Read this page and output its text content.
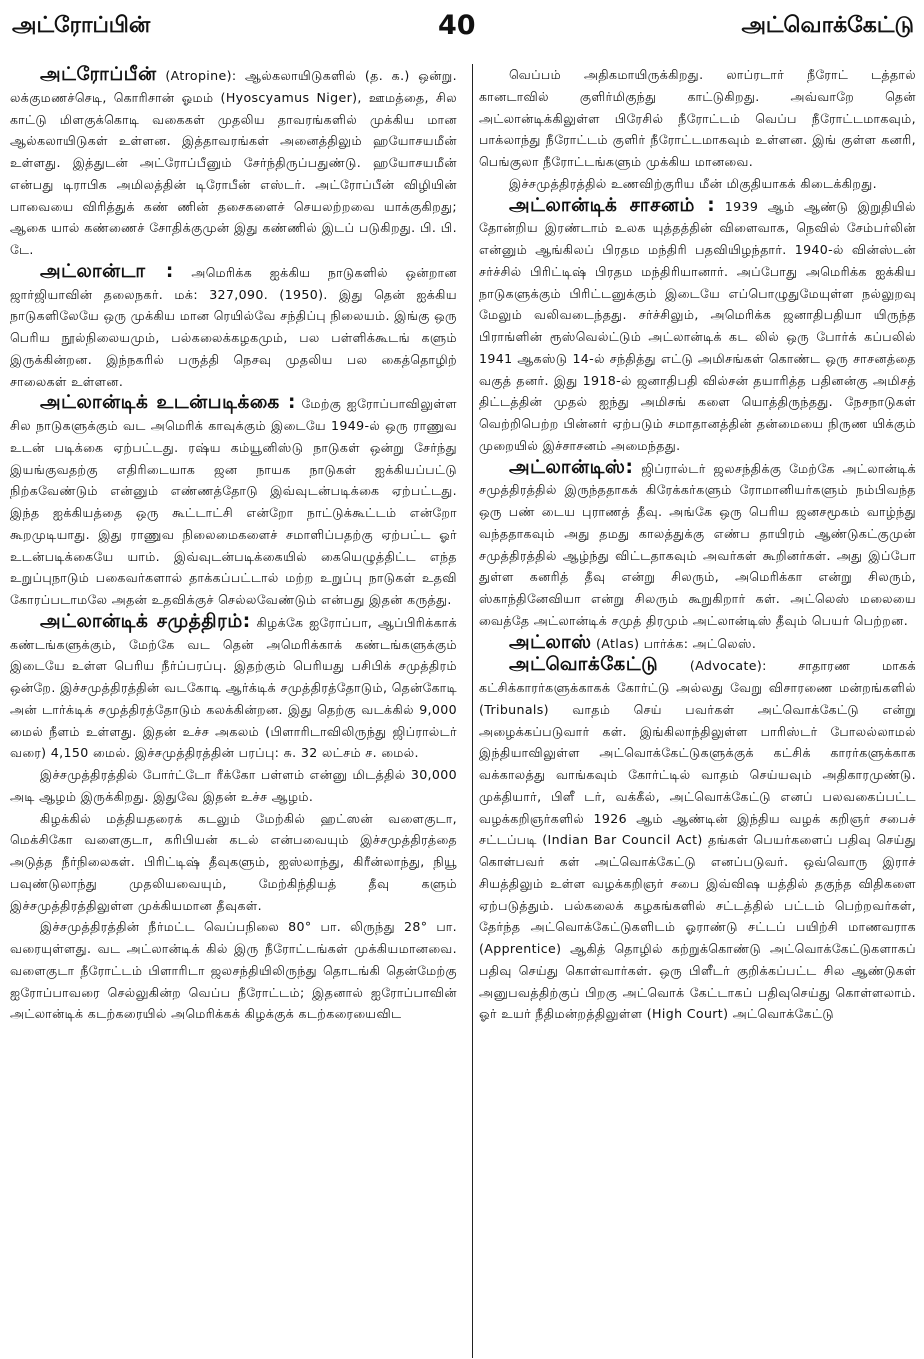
அட்ரோப்பின்	40	அட்வொக்கேட்டு

அட்ரோப்பீன் (Atropine): ஆல்கலாயிடுகளில் (த. க.) ஒன்று. லக்குமணச்செடி, கொரிசான் ஓமம் (Hyoscyamus Niger), ஊமத்தை, சில காட்டு மிளகுக்கொடி வகைகள் முதலிய தாவரங்களில் முக்கிய மான ஆல்கலாயிடுகள் உள்ளன. இத்தாவரங்கள் அனைத்திலும் ஹயோசயமீன் உள்ளது. இத்துடன் அட்ரோப்பீனும் சேர்ந்திருப்பதுண்டு. ஹயோசயமீன் என்பது டிராபிக அமிலத்தின் டிரோபீன் எஸ்டர். அட்ரோப்பீன் விழியின் பாவையை விரித்துக் கண் ணின் தசைகளைச் செயலற்றவை யாக்குகிறது; ஆகை யால் கண்ணைச் சோதிக்குமுன் இது கண்ணில் இடப் படுகிறது. பி. பி. டே.

அட்லான்டா : அமெரிக்க ஐக்கிய நாடுகளில் ஒன்றான ஜார்ஜியாவின் தலைநகர். மக்: 327,090. (1950). இது தென் ஐக்கிய நாடுகளிலேயே ஒரு முக்கிய மான ரெயில்வே சந்திப்பு நிலையம். இங்கு ஒரு பெரிய நூல்நிலையமும், பல்கலைக்கழகமும், பல பள்ளிக்கூடங் களும் இருக்கின்றன. இந்நகரில் பருத்தி நெசவு முதலிய பல கைத்தொழிற் சாலைகள் உள்ளன.

அட்லான்டிக் உடன்படிக்கை : மேற்கு ஐரோப்பாவிலுள்ள சில நாடுகளுக்கும் வட அமெரிக் காவுக்கும் இடையே 1949-ல் ஒரு ராணுவ உடன் படிக்கை ஏற்பட்டது. ரஷ்ய கம்யூனிஸ்டு நாடுகள் ஒன்று சேர்ந்து இயங்குவதற்கு எதிரிடையாக ஜன நாயக நாடுகள் ஐக்கியப்பட்டு நிற்கவேண்டும் என்னும் எண்ணத்தோடு இவ்வுடன்படிக்கை ஏற்பட்டது. இந்த ஐக்கியத்தை ஒரு கூட்டாட்சி என்றோ நாட்டுக்கூட்டம் என்றோ கூறமுடியாது. இது ராணுவ நிலைமைகளைச் சமாளிப்பதற்கு ஏற்பட்ட ஓர் உடன்படிக்கையே யாம். இவ்வுடன்படிக்கையில் கையெழுத்திட்ட எந்த உறுப்புநாடும் பகைவர்களால் தாக்கப்பட்டால் மற்ற உறுப்பு நாடுகள் உதவி கோரப்படாமலே அதன் உதவிக்குச் செல்லவேண்டும் என்பது இதன் கருத்து.

அட்லான்டிக் சமுத்திரம்: கிழக்கே ஐரோப்பா, ஆப்பிரிக்காக் கண்டங்களுக்கும், மேற்கே வட தென் அமெரிக்காக் கண்டங்களுக்கும் இடையே உள்ள பெரிய நீர்ப்பரப்பு. இதற்கும் பெரியது பசிபிக் சமுத்திரம் ஒன்றே. இச்சமுத்திரத்தின் வடகோடி ஆர்க்டிக் சமுத்திரத்தோடும், தென்கோடி அன் டார்க்டிக் சமுத்திரத்தோடும் கலக்கின்றன. இது தெற்கு வடக்கில் 9,000 மைல் நீளம் உள்ளது. இதன் உச்ச அகலம் (பிளாரிடாவிலிருந்து ஜிப்ரால்டர் வரை) 4,150 மைல். இச்சமுத்திரத்தின் பரப்பு: சு. 32 லட்சம் ச. மைல்.

இச்சமுத்திரத்தில் போர்ட்டோ ரீக்கோ பள்ளம் என்னு மிடத்தில் 30,000 அடி ஆழம் இருக்கிறது. இதுவே இதன் உச்ச ஆழம்.

கிழக்கில் மத்தியதரைக் கடலும் மேற்கில் ஹட்ஸன் வளைகுடா, மெக்சிகோ வளைகுடா, கரிபியன் கடல் என்பவையும் இச்சமுத்திரத்தை அடுத்த நீர்நிலைகள். பிரிட்டிஷ் தீவுகளும், ஐஸ்லாந்து, கிரீன்லாந்து, நியூ பவுண்டுலாந்து முதலியவையும், மேற்கிந்தியத் தீவு களும் இச்சமுத்திரத்திலுள்ள முக்கியமான தீவுகள்.

இச்சமுத்திரத்தின் நீர்மட்ட வெப்பநிலை 80° பா. லிருந்து 28° பா. வரையுள்ளது. வட அட்லான்டிக் கில் இரு நீரோட்டங்கள் முக்கியமானவை. வளைகுடா நீரோட்டம் பிளாரிடா ஜலசந்தியிலிருந்து தொடங்கி தென்மேற்கு ஐரோப்பாவரை செல்லுகின்ற வெப்ப நீரோட்டம்; இதனால் ஐரோப்பாவின் அட்லான்டிக் கடற்கரையில் அமெரிக்கக் கிழக்குக் கடற்கரையைவிட

வெப்பம் அதிகமாயிருக்கிறது. லாப்ரடார் நீரோட் டத்தால் கானடாவில் குளிர்மிகுந்து காட்டுகிறது. அவ்வாறே தென் அட்லான்டிக்கிலுள்ள பிரேசில் நீரோட்டம் வெப்ப நீரோட்டமாகவும், பாக்லாந்து நீரோட்டம் குளிர் நீரோட்டமாகவும் உள்ளன. இங் குள்ள கனரி, பெங்குலா நீரோட்டங்களும் முக்கிய மானவை.

இச்சமுத்திரத்தில் உணவிற்குரிய மீன் மிகுதியாகக் கிடைக்கிறது.

அட்லான்டிக் சாசனம் : 1939 ஆம் ஆண்டு இறுதியில் தோன்றிய இரண்டாம் உலக யுத்தத்தின் விளைவாக, நெவில் சேம்பர்லின் என்னும் ஆங்கிலப் பிரதம மந்திரி பதவியிழந்தார். 1940-ல் வின்ஸ்டன் சர்ச்சில் பிரிட்டிஷ் பிரதம மந்திரியானார். அப்போது அமெரிக்க ஐக்கிய நாடுகளுக்கும் பிரிட்டனுக்கும் இடையே எப்பொழுதுமேயுள்ள நல்லுறவு மேலும் வலிவடைந்தது. சர்ச்சிலும், அமெரிக்க ஜனாதிபதியா யிருந்த பிராங்ளின் ரூஸ்வெல்ட்டும் அட்லான்டிக் கட லில் ஒரு போர்க் கப்பலில் 1941 ஆகஸ்டு 14-ல் சந்தித்து எட்டு அமிசங்கள் கொண்ட ஒரு சாசனத்தை வகுத் தனர். இது 1918-ல் ஜனாதிபதி வில்சன் தயாரித்த பதினன்கு அமிசத் திட்டத்தின் முதல் ஐந்து அமிசங் களை யொத்திருந்தது. நேசநாடுகள் வெற்றிபெற்ற பின்னர் ஏற்படும் சமாதானத்தின் தன்மையை நிருண யிக்கும் முறையில் இச்சாசனம் அமைந்தது.

அட்லான்டிஸ்: ஜிப்ரால்டர் ஜலசந்திக்கு மேற்கே அட்லான்டிக் சமுத்திரத்தில் இருந்ததாகக் கிரேக்கர்களும் ரோமானியர்களும் நம்பிவந்த ஒரு பண் டைய புராணத் தீவு. அங்கே ஒரு பெரிய ஜனசமூகம் வாழ்ந்து வந்ததாகவும் அது தமது காலத்துக்கு எண்ப தாயிரம் ஆண்டுகட்குமுன் சமுத்திரத்தில் ஆழ்ந்து விட்டதாகவும் அவர்கள் கூறினர்கள். அது இப்போ துள்ள கனரித் தீவு என்று சிலரும், அமெரிக்கா என்று சிலரும், ஸ்காந்தினேவியா என்று சிலரும் கூறுகிறார் கள். அட்லெஸ் மலையை வைத்தே அட்லான்டிக் சமுத் திரமும் அட்லான்டிஸ் தீவும் பெயர் பெற்றன.

அட்லாஸ் (Atlas) பார்க்க: அட்லெஸ்.

அட்வொக்கேட்டு	(Advocate): சாதாரண மாகக் கட்சிக்காரர்களுக்காகக் கோர்ட்டு அல்லது வேறு விசாரணை மன்றங்களில் (Tribunals) வாதம் செய் பவர்கள் அட்வொக்கேட்டு என்று அழைக்கப்படுவார் கள். இங்கிலாந்திலுள்ள பாரிஸ்டர் போலல்லாமல் இந்தியாவிலுள்ள அட்வொக்கேட்டுகளுக்குக் கட்சிக் காரர்களுக்காக வக்காலத்து வாங்கவும் கோர்ட்டில் வாதம் செய்யவும் அதிகாரமுண்டு. முக்தியார், பிளீ டர், வக்கீல், அட்வொக்கேட்டு எனப் பலவகைப்பட்ட வழக்கறிஞர்களில் 1926 ஆம் ஆண்டின் இந்திய வழக் கறிஞர் சபைச் சட்டப்படி (Indian Bar Council Act) தங்கள் பெயர்களைப் பதிவு செய்து கொள்பவர் கள் அட்வொக்கேட்டு எனப்படுவர். ஒவ்வொரு இராச் சியத்திலும் உள்ள வழக்கறிஞர் சபை இவ்விஷ யத்தில் தகுந்த விதிகளை ஏற்படுத்தும். பல்கலைக் கழகங்களில் சட்டத்தில் பட்டம் பெற்றவர்கள், தேர்ந்த அட்வொக்கேட்டுகளிடம் ஓராண்டு சட்டப் பயிற்சி மாணவராக (Apprentice) ஆகித் தொழில் கற்றுக்கொண்டு அட்வொக்கேட்டுகளாகப் பதிவு செய்து கொள்வார்கள். ஒரு பிளீடர் குறிக்கப்பட்ட சில ஆண்டுகள் அனுபவத்திற்குப் பிறகு அட்வொக் கேட்டாகப் பதிவுசெய்து கொள்ளலாம். ஓர் உயர் நீதிமன்றத்திலுள்ள (High Court) அட்வொக்கேட்டு
